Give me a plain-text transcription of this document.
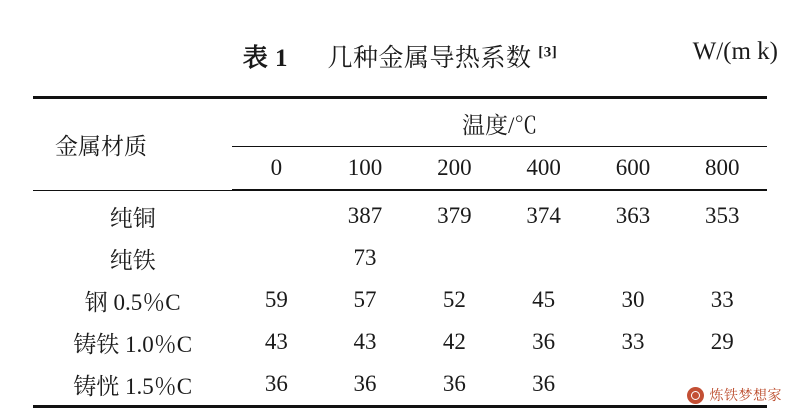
表 1 几种金属导热系数 [3]	W/(m k)
金属材质	温度/℃					
	0	100	200	400	600	800

纯铜		387	379	374	363	353
纯铁		73				
钢 0.5％C	59	57	52	45	30	33
铸铁 1.0％C	43	43	42	36	33	29
铸恍 1.5％C	36	36	36	36			炼铁梦想家
